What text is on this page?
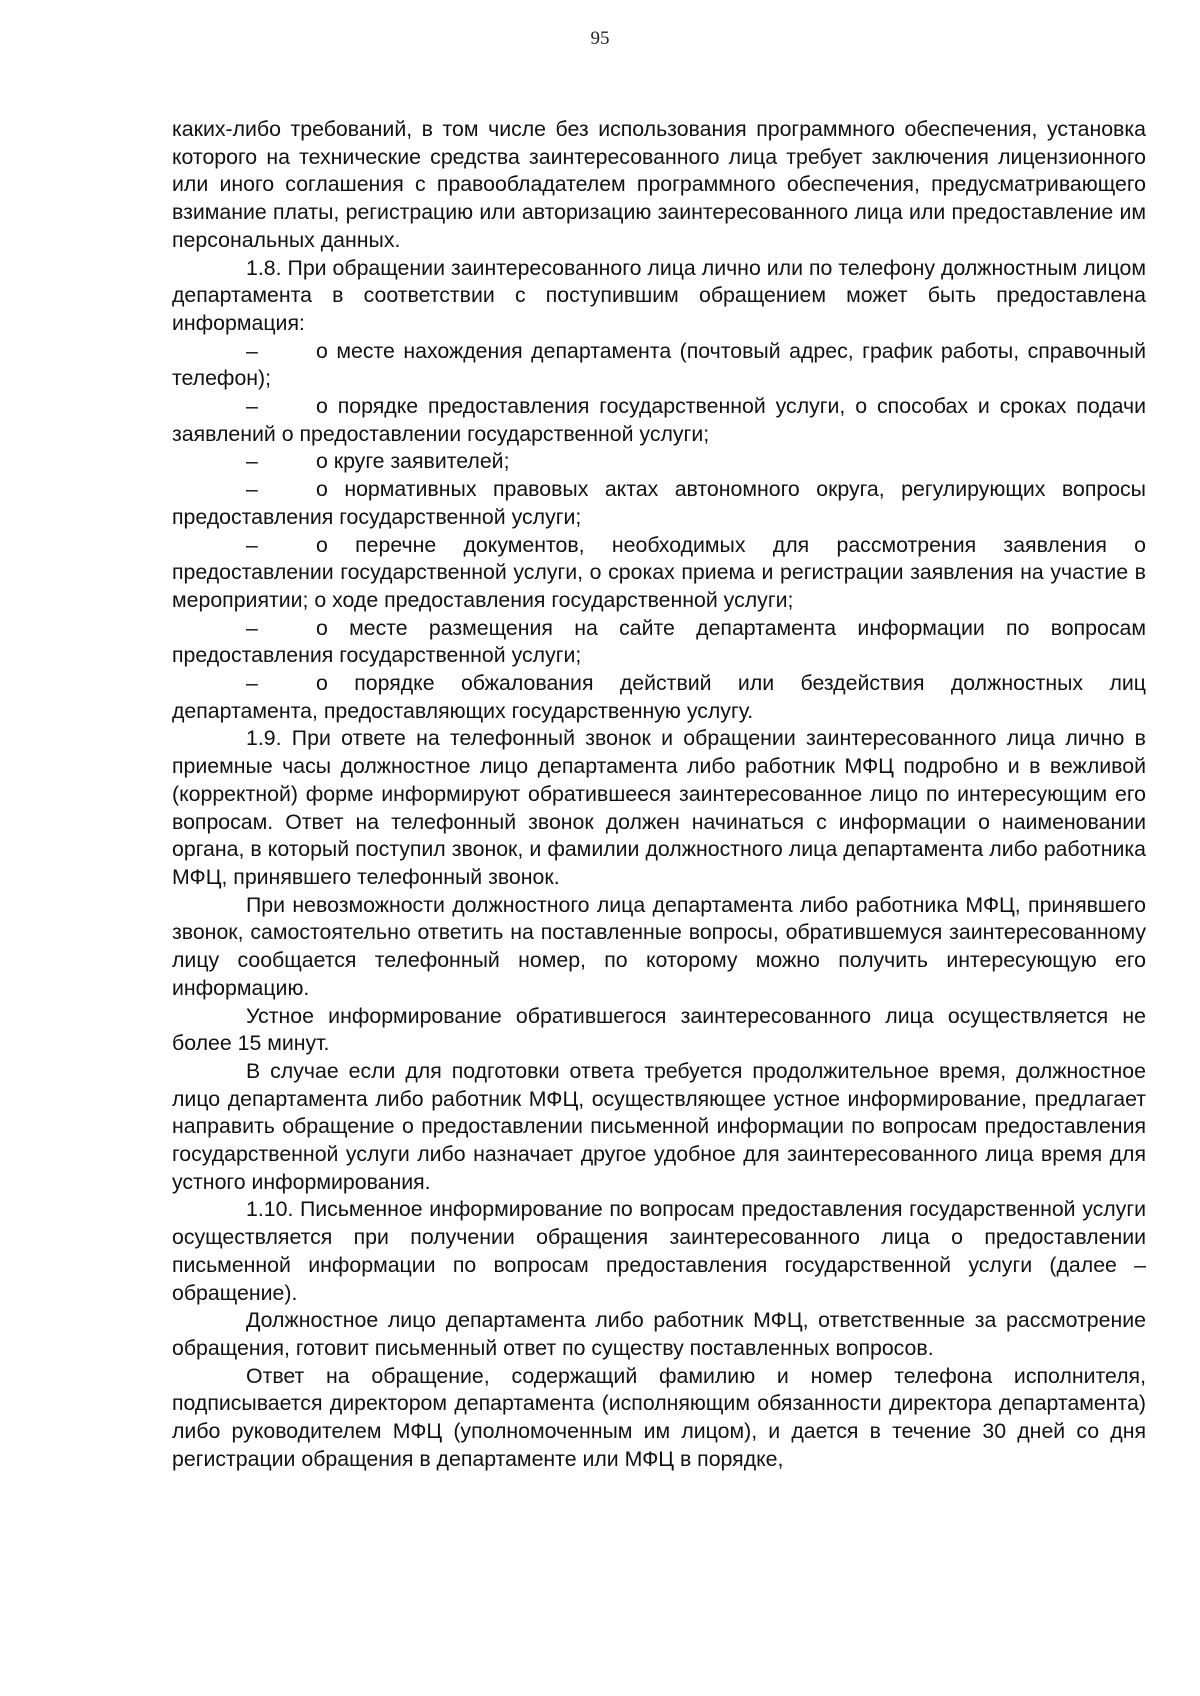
95

каких-либо требований, в том числе без использования программного обеспечения, установка которого на технические средства заинтересованного лица требует заключения лицензионного или иного соглашения с правообладателем программного обеспечения, предусматривающего взимание платы, регистрацию или авторизацию заинтересованного лица или предоставление им персональных данных.

1.8. При обращении заинтересованного лица лично или по телефону должностным лицом департамента в соответствии с поступившим обращением может быть предоставлена информация:

–	о месте нахождения департамента (почтовый адрес, график работы, справочный телефон);

–	о порядке предоставления государственной услуги, о способах и сроках подачи заявлений о предоставлении государственной услуги;

–	о круге заявителей;

–	о нормативных правовых актах автономного округа, регулирующих вопросы предоставления государственной услуги;

–	о перечне документов, необходимых для рассмотрения заявления о предоставлении государственной услуги, о сроках приема и регистрации заявления на участие в мероприятии; о ходе предоставления государственной услуги;

–	о месте размещения на сайте департамента информации по вопросам предоставления государственной услуги;

–	о порядке обжалования действий или бездействия должностных лиц департамента, предоставляющих государственную услугу.

1.9. При ответе на телефонный звонок и обращении заинтересованного лица лично в приемные часы должностное лицо департамента либо работник МФЦ подробно и в вежливой (корректной) форме информируют обратившееся заинтересованное лицо по интересующим его вопросам. Ответ на телефонный звонок должен начинаться с информации о наименовании органа, в который поступил звонок, и фамилии должностного лица департамента либо работника МФЦ, принявшего телефонный звонок.

При невозможности должностного лица департамента либо работника МФЦ, принявшего звонок, самостоятельно ответить на поставленные вопросы, обратившемуся заинтересованному лицу сообщается телефонный номер, по которому можно получить интересующую его информацию.

Устное информирование обратившегося заинтересованного лица осуществляется не более 15 минут.

В случае если для подготовки ответа требуется продолжительное время, должностное лицо департамента либо работник МФЦ, осуществляющее устное информирование, предлагает направить обращение о предоставлении письменной информации по вопросам предоставления государственной услуги либо назначает другое удобное для заинтересованного лица время для устного информирования.

1.10. Письменное информирование по вопросам предоставления государственной услуги осуществляется при получении обращения заинтересованного лица о предоставлении письменной информации по вопросам предоставления государственной услуги (далее – обращение).

Должностное лицо департамента либо работник МФЦ, ответственные за рассмотрение обращения, готовит письменный ответ по существу поставленных вопросов.

Ответ на обращение, содержащий фамилию и номер телефона исполнителя, подписывается директором департамента (исполняющим обязанности директора департамента) либо руководителем МФЦ (уполномоченным им лицом), и дается в течение 30 дней со дня регистрации обращения в департаменте или МФЦ в порядке,
